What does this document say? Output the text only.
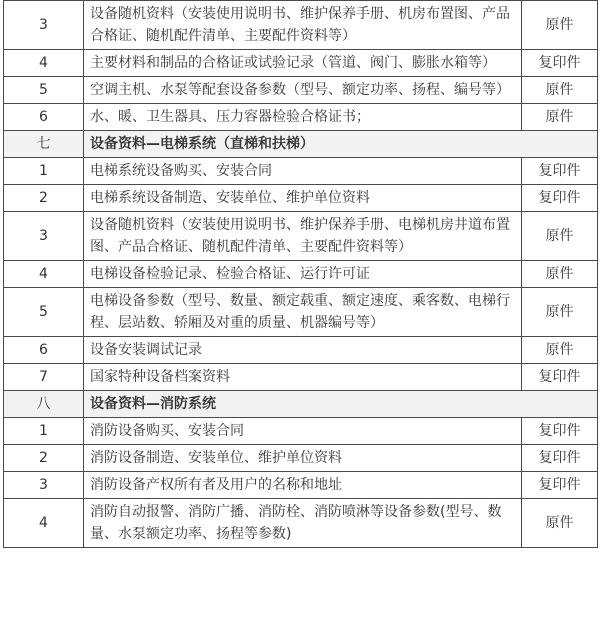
3	设备随机资料（安装使用说明书、维护保养手册、机房布置图、产品合格证、随机配件清单、主要配件资料等）	原件
4	主要材料和制品的合格证或试验记录（管道、阀门、膨胀水箱等）	复印件
5	空调主机、水泵等配套设备参数（型号、额定功率、扬程、编号等）	原件
6	水、暖、卫生器具、压力容器检验合格证书；	原件
七	设备资料—电梯系统（直梯和扶梯）	
1	电梯系统设备购买、安装合同	复印件
2	电梯系统设备制造、安装单位、维护单位资料	复印件
3	设备随机资料（安装使用说明书、维护保养手册、电梯机房井道布置图、产品合格证、随机配件清单、主要配件资料等）	原件
4	电梯设备检验记录、检验合格证、运行许可证	原件
5	电梯设备参数（型号、数量、额定载重、额定速度、乘客数、电梯行程、层站数、轿厢及对重的质量、机器编号等）	原件
6	设备安装调试记录	原件
7	国家特种设备档案资料	复印件
八	设备资料—消防系统	
1	消防设备购买、安装合同	复印件
2	消防设备制造、安装单位、维护单位资料	复印件
3	消防设备产权所有者及用户的名称和地址	复印件
4	消防自动报警、消防广播、消防栓、消防喷淋等设备参数(型号、数量、水泵额定功率、扬程等参数)	原件
